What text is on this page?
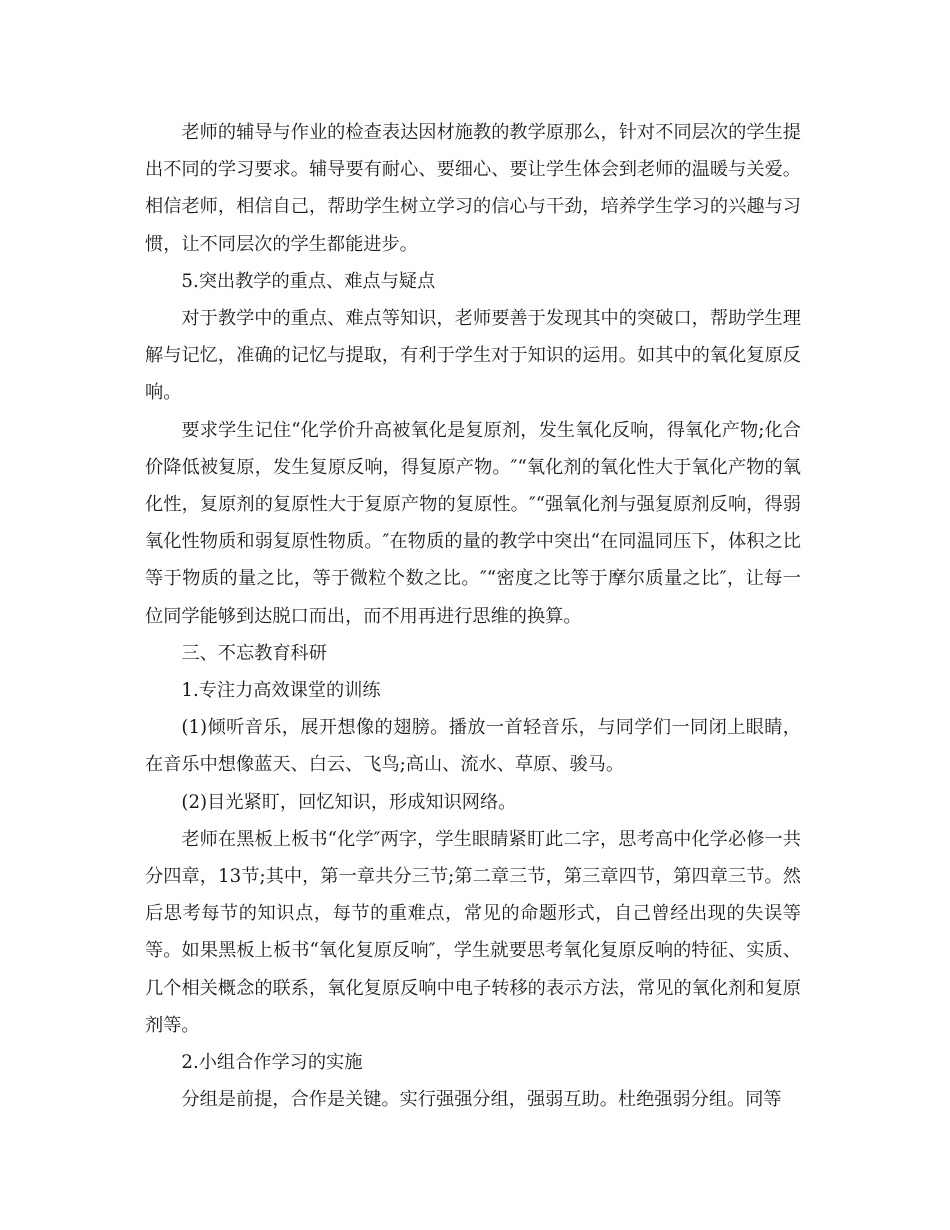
老师的辅导与作业的检查表达因材施教的教学原那么，针对不同层次的学生提出不同的学习要求。辅导要有耐心、要细心、要让学生体会到老师的温暖与关爱。相信老师，相信自己，帮助学生树立学习的信心与干劲，培养学生学习的兴趣与习惯，让不同层次的学生都能进步。

5.突出教学的重点、难点与疑点

对于教学中的重点、难点等知识，老师要善于发现其中的突破口，帮助学生理解与记忆，准确的记忆与提取，有利于学生对于知识的运用。如其中的氧化复原反响。

要求学生记住“化学价升高被氧化是复原剂，发生氧化反响，得氧化产物;化合价降低被复原，发生复原反响，得复原产物。″“氧化剂的氧化性大于氧化产物的氧化性，复原剂的复原性大于复原产物的复原性。″“强氧化剂与强复原剂反响，得弱氧化性物质和弱复原性物质。″在物质的量的教学中突出“在同温同压下，体积之比等于物质的量之比，等于微粒个数之比。″“密度之比等于摩尔质量之比″，让每一位同学能够到达脱口而出，而不用再进行思维的换算。

三、不忘教育科研

1.专注力高效课堂的训练

(1)倾听音乐，展开想像的翅膀。播放一首轻音乐，与同学们一同闭上眼睛，在音乐中想像蓝天、白云、飞鸟;高山、流水、草原、骏马。

(2)目光紧盯，回忆知识，形成知识网络。

老师在黑板上板书“化学″两字，学生眼睛紧盯此二字，思考高中化学必修一共分四章，13节;其中，第一章共分三节;第二章三节，第三章四节，第四章三节。然后思考每节的知识点，每节的重难点，常见的命题形式，自己曾经出现的失误等等。如果黑板上板书“氧化复原反响″，学生就要思考氧化复原反响的特征、实质、几个相关概念的联系，氧化复原反响中电子转移的表示方法，常见的氧化剂和复原剂等。

2.小组合作学习的实施

分组是前提，合作是关键。实行强强分组，强弱互助。杜绝强弱分组。同等
